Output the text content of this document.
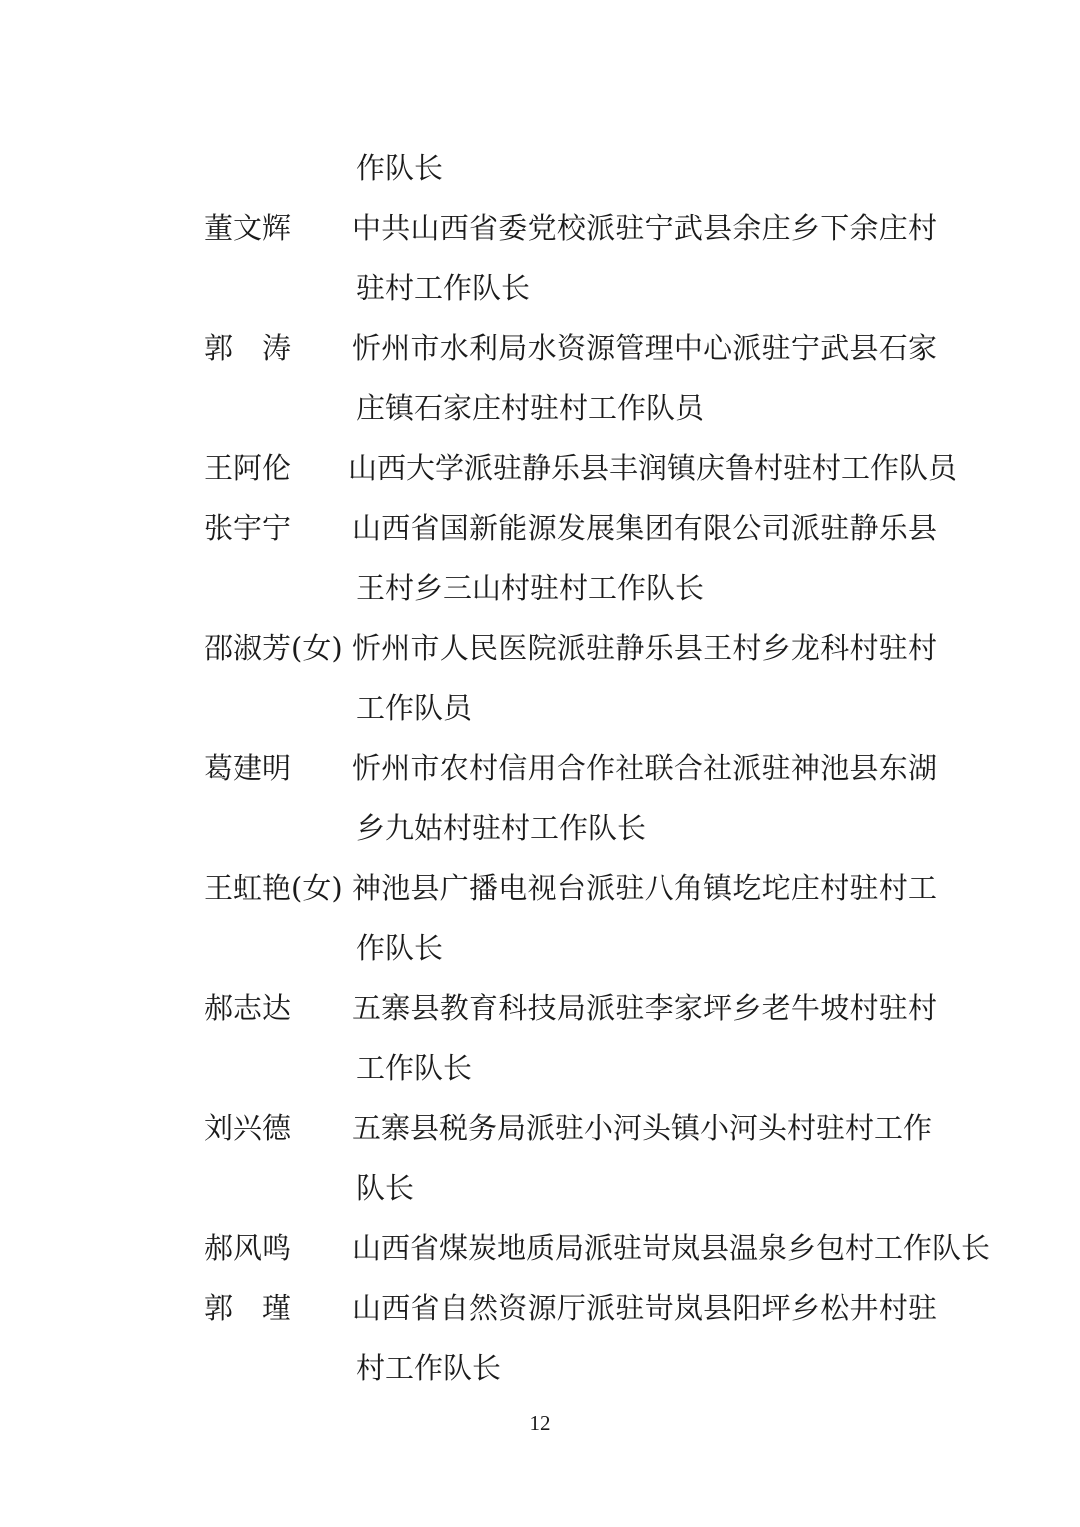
作队长
董文辉	中共山西省委党校派驻宁武县余庄乡下余庄村
驻村工作队长
郭　涛	忻州市水利局水资源管理中心派驻宁武县石家
庄镇石家庄村驻村工作队员
王阿伦	山西大学派驻静乐县丰润镇庆鲁村驻村工作队员
张宇宁	山西省国新能源发展集团有限公司派驻静乐县
王村乡三山村驻村工作队长
邵淑芳(女) 忻州市人民医院派驻静乐县王村乡龙科村驻村
工作队员
葛建明	忻州市农村信用合作社联合社派驻神池县东湖
乡九姑村驻村工作队长
王虹艳(女) 神池县广播电视台派驻八角镇圪坨庄村驻村工
作队长
郝志达	五寨县教育科技局派驻李家坪乡老牛坡村驻村
工作队长
刘兴德	五寨县税务局派驻小河头镇小河头村驻村工作
队长
郝风鸣	山西省煤炭地质局派驻岢岚县温泉乡包村工作队长
郭　瑾	山西省自然资源厅派驻岢岚县阳坪乡松井村驻
村工作队长
12
